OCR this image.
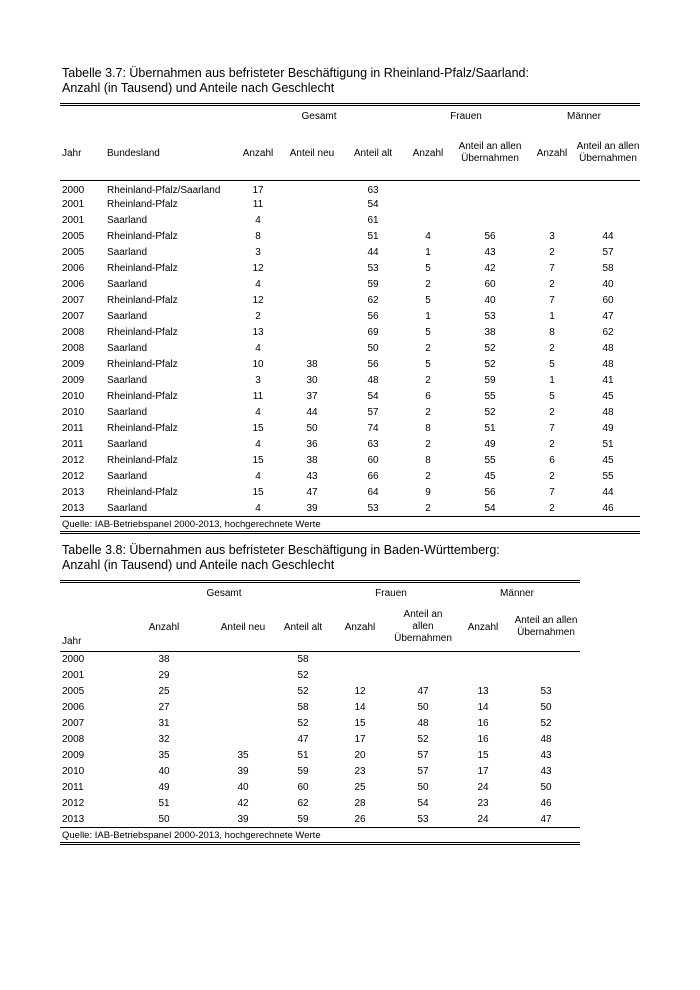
Tabelle 3.7: Übernahmen aus befristeter Beschäftigung in Rheinland-Pfalz/Saarland:
Anzahl (in Tausend) und Anteile nach Geschlecht
		Gesamt			Frauen		Männer	
Jahr	Bundesland	Anzahl	Anteil neu	Anteil alt	Anzahl	Anteil an allen Übernahmen	Anzahl	Anteil an allen Übernahmen
2000	Rheinland-Pfalz/Saarland	17		63				
2001	Rheinland-Pfalz	11		54				
2001	Saarland	4		61				
2005	Rheinland-Pfalz	8		51	4	56	3	44
2005	Saarland	3		44	1	43	2	57
2006	Rheinland-Pfalz	12		53	5	42	7	58
2006	Saarland	4		59	2	60	2	40
2007	Rheinland-Pfalz	12		62	5	40	7	60
2007	Saarland	2		56	1	53	1	47
2008	Rheinland-Pfalz	13		69	5	38	8	62
2008	Saarland	4		50	2	52	2	48
2009	Rheinland-Pfalz	10	38	56	5	52	5	48
2009	Saarland	3	30	48	2	59	1	41
2010	Rheinland-Pfalz	11	37	54	6	55	5	45
2010	Saarland	4	44	57	2	52	2	48
2011	Rheinland-Pfalz	15	50	74	8	51	7	49
2011	Saarland	4	36	63	2	49	2	51
2012	Rheinland-Pfalz	15	38	60	8	55	6	45
2012	Saarland	4	43	66	2	45	2	55
2013	Rheinland-Pfalz	15	47	64	9	56	7	44
2013	Saarland	4	39	53	2	54	2	46
Quelle: IAB-Betriebspanel 2000-2013, hochgerechnete Werte								
Tabelle 3.8: Übernahmen aus befristeter Beschäftigung in Baden-Württemberg:
Anzahl (in Tausend) und Anteile nach Geschlecht
	Gesamt			Frauen		Männer	
Jahr	Anzahl	Anteil neu	Anteil alt	Anzahl	Anteil an allen Übernahmen	Anzahl	Anteil an allen Übernahmen
2000	38		58				
2001	29		52				
2005	25		52	12	47	13	53
2006	27		58	14	50	14	50
2007	31		52	15	48	16	52
2008	32		47	17	52	16	48
2009	35	35	51	20	57	15	43
2010	40	39	59	23	57	17	43
2011	49	40	60	25	50	24	50
2012	51	42	62	28	54	23	46
2013	50	39	59	26	53	24	47
Quelle: IAB-Betriebspanel 2000-2013, hochgerechnete Werte							
